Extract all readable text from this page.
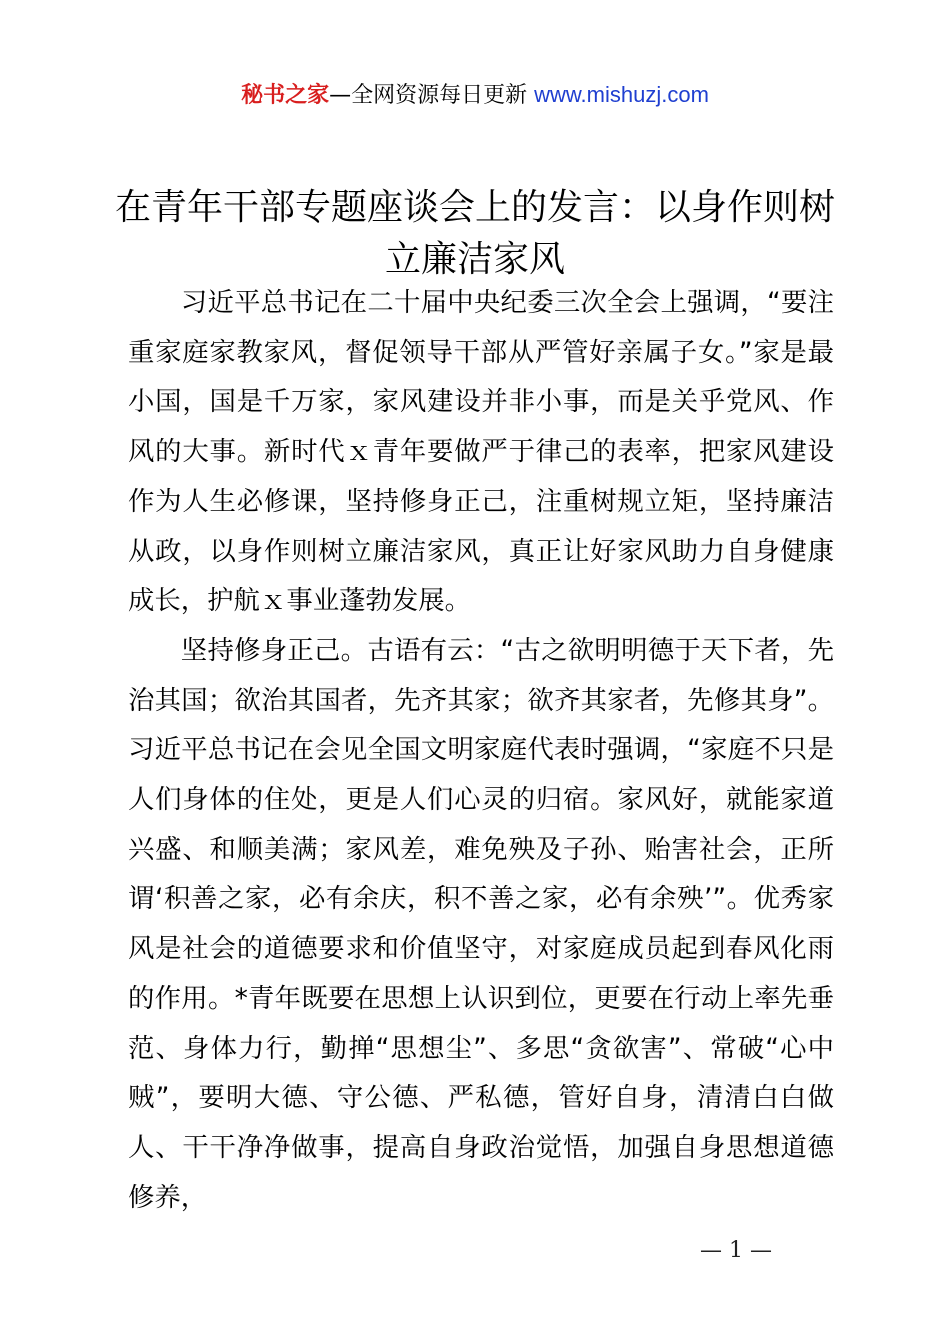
秘书之家—全网资源每日更新 www.mishuzj.com
在青年干部专题座谈会上的发言：以身作则树立廉洁家风

习近平总书记在二十届中央纪委三次全会上强调，“要注重家庭家教家风，督促领导干部从严管好亲属子女。”家是最小国，国是千万家，家风建设并非小事，而是关乎党风、作风的大事。新时代ｘ青年要做严于律己的表率，把家风建设作为人生必修课，坚持修身正己，注重树规立矩，坚持廉洁从政，以身作则树立廉洁家风，真正让好家风助力自身健康成长，护航ｘ事业蓬勃发展。

坚持修身正己。古语有云：“古之欲明明德于天下者，先治其国；欲治其国者，先齐其家；欲齐其家者，先修其身”。习近平总书记在会见全国文明家庭代表时强调，“家庭不只是人们身体的住处，更是人们心灵的归宿。家风好，就能家道兴盛、和顺美满；家风差，难免殃及子孙、贻害社会，正所谓‘积善之家，必有余庆，积不善之家，必有余殃’”。优秀家风是社会的道德要求和价值坚守，对家庭成员起到春风化雨的作用。*青年既要在思想上认识到位，更要在行动上率先垂范、身体力行，勤掸“思想尘”、多思“贪欲害”、常破“心中贼”，要明大德、守公德、严私德，管好自身，清清白白做人、干干净净做事，提高自身政治觉悟，加强自身思想道德修养，

— 1 —
